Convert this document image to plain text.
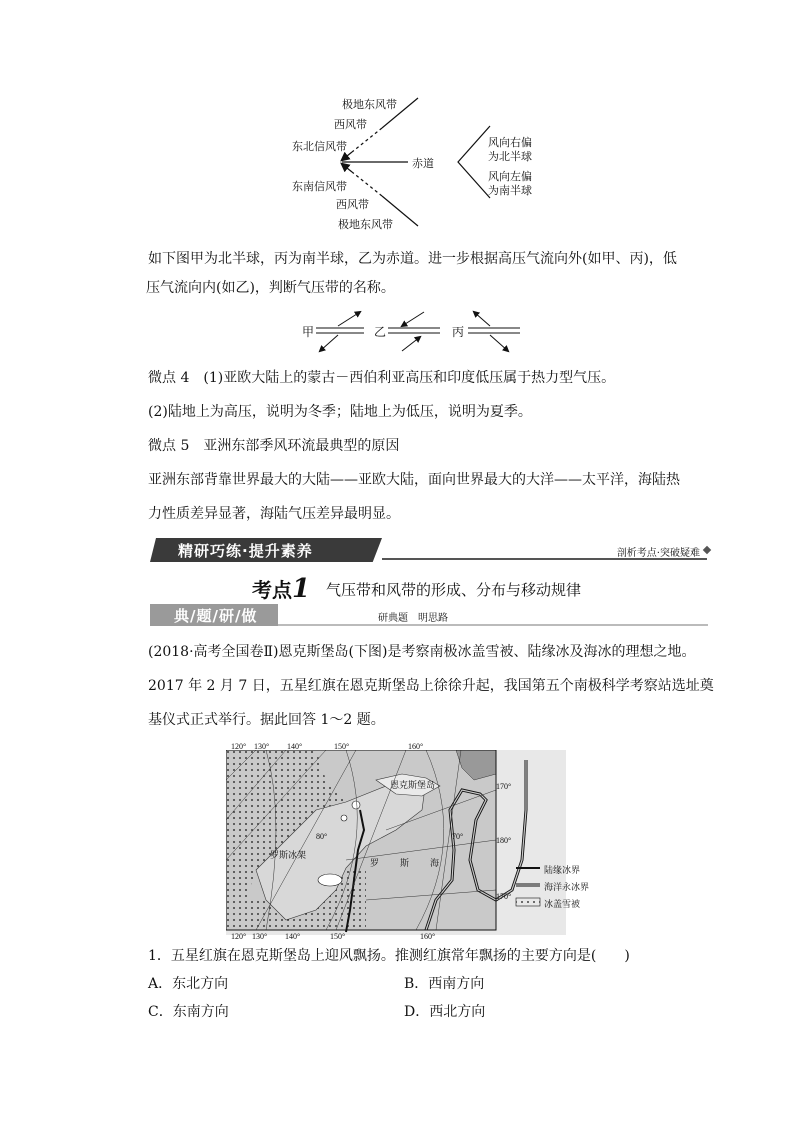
极地东风带
西风带
东北信风带
赤道
东南信风带
西风带
极地东风带
风向右偏
为北半球
风向左偏
为南半球
如下图甲为北半球，丙为南半球，乙为赤道。进一步根据高压气流向外(如甲、丙)，低
压气流向内(如乙)，判断气压带的名称。
甲	乙	丙
微点 4　(1)亚欧大陆上的蒙古－西伯利亚高压和印度低压属于热力型气压。
(2)陆地上为高压，说明为冬季；陆地上为低压，说明为夏季。
微点 5　亚洲东部季风环流最典型的原因
亚洲东部背靠世界最大的大陆——亚欧大陆，面向世界最大的大洋——太平洋，海陆热
力性质差异显著，海陆气压差异最明显。
精研巧练·提升素养	剖析考点·突破疑难
考点1 气压带和风带的形成、分布与移动规律
典/题/研/做	研典题　明思路
(2018·高考全国卷Ⅱ)恩克斯堡岛(下图)是考察南极冰盖雪被、陆缘冰及海冰的理想之地。
2017 年 2 月 7 日，五星红旗在恩克斯堡岛上徐徐升起，我国第五个南极科学考察站选址奠
基仪式正式举行。据此回答 1～2 题。
120° 130° 140°	150°	160°
120° 130° 140°	150°	160°
170°
180°
170°
80°	70°
恩克斯堡岛
罗斯冰架
罗 斯 海
陆缘冰界
海洋永冰界
冰盖雪被
1．五星红旗在恩克斯堡岛上迎风飘扬。推测红旗常年飘扬的主要方向是(　　)
A．东北方向	B．西南方向
C．东南方向	D．西北方向
